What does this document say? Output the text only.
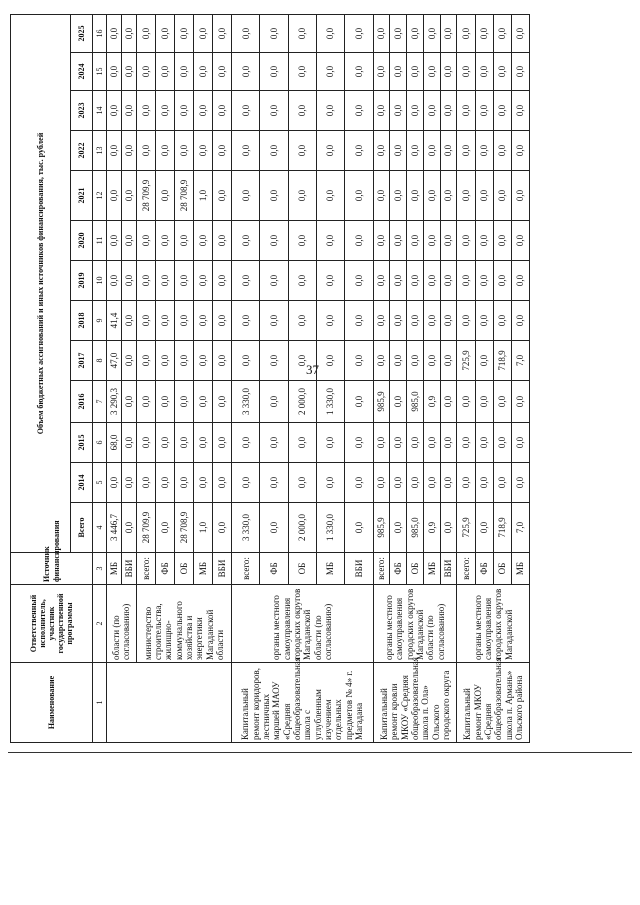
37
Наименование	Ответственный исполнитель, участник государственной программы	Источник финансирования	Объем бюджетных ассигнований и иных источников финансирования, тыс. рублей												
			Всего	2014	2015	2016	2017	2018	2019	2020	2021	2022	2023	2024	2025
1	2	3	4	5	6	7	8	9	10	11	12	13	14	15	16
	области (по согласованию)	МБ	3 446,7	0,0	68,0	3 290,3	47,0	41,4	0,0	0,0	0,0	0,0	0,0	0,0	0,0
		ВБИ	0,0	0,0	0,0	0,0	0,0	0,0	0,0	0,0	0,0	0,0	0,0	0,0	0,0
	министерство строительства, жилищно-коммунального хозяйства и энергетики Магаданской области	всего:	28 709,9	0,0	0,0	0,0	0,0	0,0	0,0	0,0	28 709,9	0,0	0,0	0,0	0,0
		ФБ	0,0	0,0	0,0	0,0	0,0	0,0	0,0	0,0	0,0	0,0	0,0	0,0	0,0
		ОБ	28 708,9	0,0	0,0	0,0	0,0	0,0	0,0	0,0	28 708,9	0,0	0,0	0,0	0,0
		МБ	1,0	0,0	0,0	0,0	0,0	0,0	0,0	0,0	1,0	0,0	0,0	0,0	0,0
		ВБИ	0,0	0,0	0,0	0,0	0,0	0,0	0,0	0,0	0,0	0,0	0,0	0,0	0,0
Капитальный ремонт коридоров, лестничных маршей МАОУ «Средняя общеобразовательная школа с углубленным изучением отдельных предметов № 4» г. Магадана	органы местного самоуправления городских округов Магаданской области (по согласованию)	всего:	3 330,0	0,0	0,0	3 330,0	0,0	0,0	0,0	0,0	0,0	0,0	0,0	0,0	0,0
		ФБ	0,0	0,0	0,0	0,0	0,0	0,0	0,0	0,0	0,0	0,0	0,0	0,0	0,0
		ОБ	2 000,0	0,0	0,0	2 000,0	0,0	0,0	0,0	0,0	0,0	0,0	0,0	0,0	0,0
		МБ	1 330,0	0,0	0,0	1 330,0	0,0	0,0	0,0	0,0	0,0	0,0	0,0	0,0	0,0
		ВБИ	0,0	0,0	0,0	0,0	0,0	0,0	0,0	0,0	0,0	0,0	0,0	0,0	0,0
Капитальный ремонт кровли МКОУ «Средняя общеобразовательная школа п. Ола» Ольского городского округа	органы местного самоуправления городских округов Магаданской области (по согласованию)	всего:	985,9	0,0	0,0	985,9	0,0	0,0	0,0	0,0	0,0	0,0	0,0	0,0	0,0
		ФБ	0,0	0,0	0,0	0,0	0,0	0,0	0,0	0,0	0,0	0,0	0,0	0,0	0,0
		ОБ	985,0	0,0	0,0	985,0	0,0	0,0	0,0	0,0	0,0	0,0	0,0	0,0	0,0
		МБ	0,9	0,0	0,0	0,9	0,0	0,0	0,0	0,0	0,0	0,0	0,0	0,0	0,0
		ВБИ	0,0	0,0	0,0	0,0	0,0	0,0	0,0	0,0	0,0	0,0	0,0	0,0	0,0
Капитальный ремонт МКОУ «Средняя общеобразовательная школа п. Армань» Ольского района	органы местного самоуправления городских округов Магаданской	всего:	725,9	0,0	0,0	0,0	725,9	0,0	0,0	0,0	0,0	0,0	0,0	0,0	0,0
		ФБ	0,0	0,0	0,0	0,0	0,0	0,0	0,0	0,0	0,0	0,0	0,0	0,0	0,0
		ОБ	718,9	0,0	0,0	0,0	718,9	0,0	0,0	0,0	0,0	0,0	0,0	0,0	0,0
		МБ	7,0	0,0	0,0	0,0	7,0	0,0	0,0	0,0	0,0	0,0	0,0	0,0	0,0
